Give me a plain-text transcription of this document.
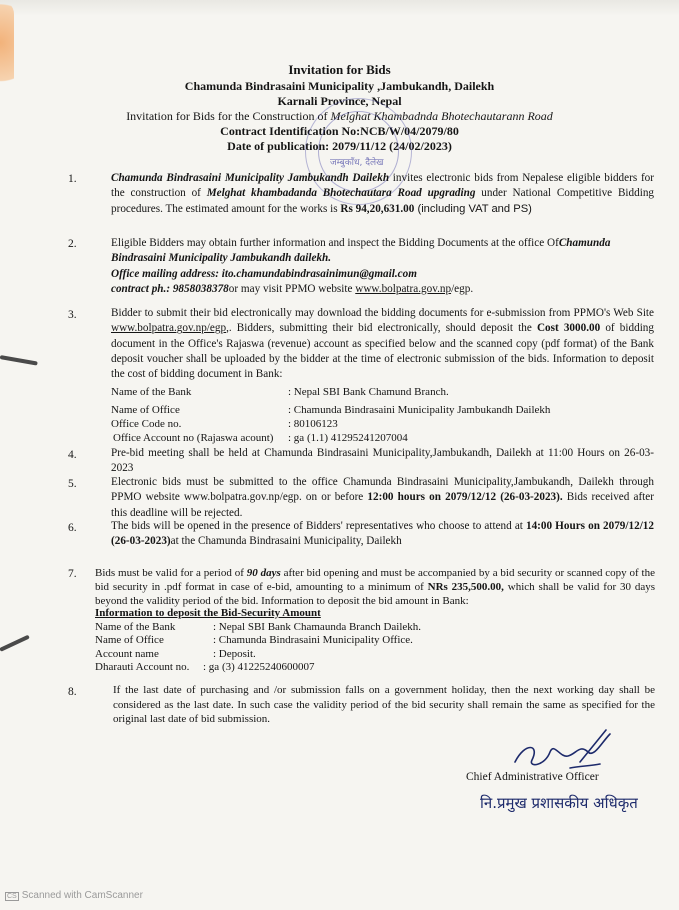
Invitation for Bids
Chamunda Bindrasaini Municipality ,Jambukandh, Dailekh
Karnali Province, Nepal
Invitation for Bids for the Construction of Melghat Khambadnda Bhotechautarann Road
Contract Identification No:NCB/W/04/2079/80
Date of publication: 2079/11/12 (24/02/2023)
जम्बुकाँध, दैलेख
1.	Chamunda Bindrasaini Municipality Jambukandh Dailekh invites electronic bids from Nepalese eligible bidders for the construction of Melghat khambadanda Bhotechautara Road upgrading under National Competitive Bidding procedures. The estimated amount for the works is Rs 94,20,631.00 (including VAT and PS)
2.	Eligible Bidders may obtain further information and inspect the Bidding Documents at the office OfChamunda Bindrasaini Municipality Jambukandh dailekh.
Office mailing address: ito.chamundabindrasainimun@gmail.com
contract ph.: 9858038378or may visit PPMO website www.bolpatra.gov.np/egp.
3.	Bidder to submit their bid electronically may download the bidding documents for e-submission from PPMO's Web Site www.bolpatra.gov.np/egp,. Bidders, submitting their bid electronically, should deposit the Cost 3000.00 of bidding document in the Office's Rajaswa (revenue) account as specified below and the scanned copy (pdf format) of the Bank deposit voucher shall be uploaded by the bidder at the time of electronic submission of the bids. Information to deposit the cost of bidding document in Bank:
Name of the Bank	: Nepal SBI Bank Chamund Branch.
Name of Office	: Chamunda Bindrasaini Municipality Jambukandh Dailekh
Office Code no.	: 80106123
Office Account no (Rajaswa acount) : ga (1.1) 41295241207004
4.	Pre-bid meeting shall be held at Chamunda Bindrasaini Municipality,Jambukandh, Dailekh at 11:00 Hours on 26-03-2023
5.	Electronic bids must be submitted to the office Chamunda Bindrasaini Municipality,Jambukandh, Dailekh through PPMO website www.bolpatra.gov.np/egp. on or before 12:00 hours on 2079/12/12 (26-03-2023). Bids received after this deadline will be rejected.
6.	The bids will be opened in the presence of Bidders' representatives who choose to attend at 14:00 Hours on 2079/12/12 (26-03-2023)at the Chamunda Bindrasaini Municipality, Dailekh
7. Bids must be valid for a period of 90 days after bid opening and must be accompanied by a bid security or scanned copy of the bid security in .pdf format in case of e-bid, amounting to a minimum of NRs 235,500.00, which shall be valid for 30 days beyond the validity period of the bid. Information to deposit the bid amount in Bank:
Information to deposit the Bid-Security Amount
Name of the Bank	: Nepal SBI Bank Chamaunda Branch Dailekh.
Name of Office	: Chamunda Bindrasaini Municipality Office.
Account name	: Deposit.
Dharauti Account no. : ga (3) 41225240600007
8.	If the last date of purchasing and /or submission falls on a government holiday, then the next working day shall be considered as the last date. In such case the validity period of the bid security shall remain the same as specified for the original last date of bid submission.
Chief Administrative Officer
नि.प्रमुख प्रशासकीय अधिकृत
CS Scanned with CamScanner
